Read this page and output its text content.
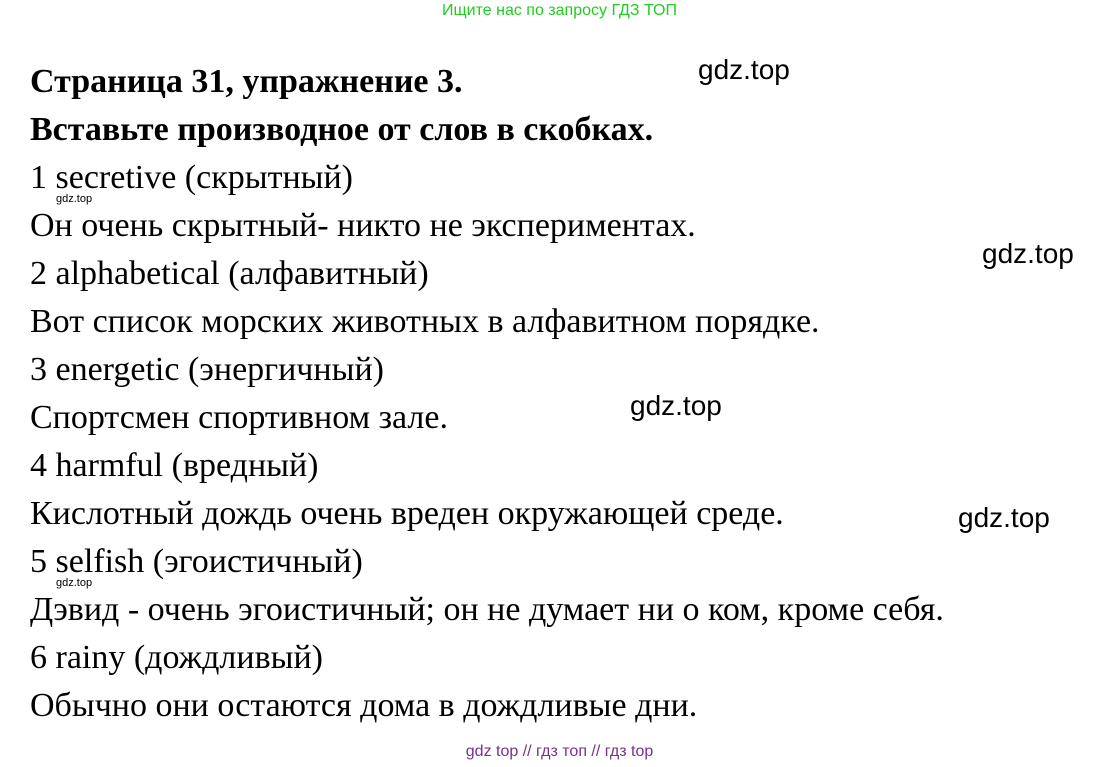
Ищите нас по запросу ГДЗ ТОП
Страница 31, упражнение 3.
Вставьте производное от слов в скобках.
1 secretive (скрытный)
Он очень скрытный- никто не экспериментах.
2 alphabetical (алфавитный)
Вот список морских животных в алфавитном порядке.
3 energetic (энергичный)
Спортсмен спортивном зале.
4 harmful (вредный)
Кислотный дождь очень вреден окружающей среде.
5 selfish (эгоистичный)
Дэвид - очень эгоистичный; он не думает ни о ком, кроме себя.
6 rainy (дождливый)
Обычно они остаются дома в дождливые дни.
gdz.top
gdz.top
gdz.top
gdz.top
gdz.top
gdz.top
gdz top // гдз топ // гдз top
